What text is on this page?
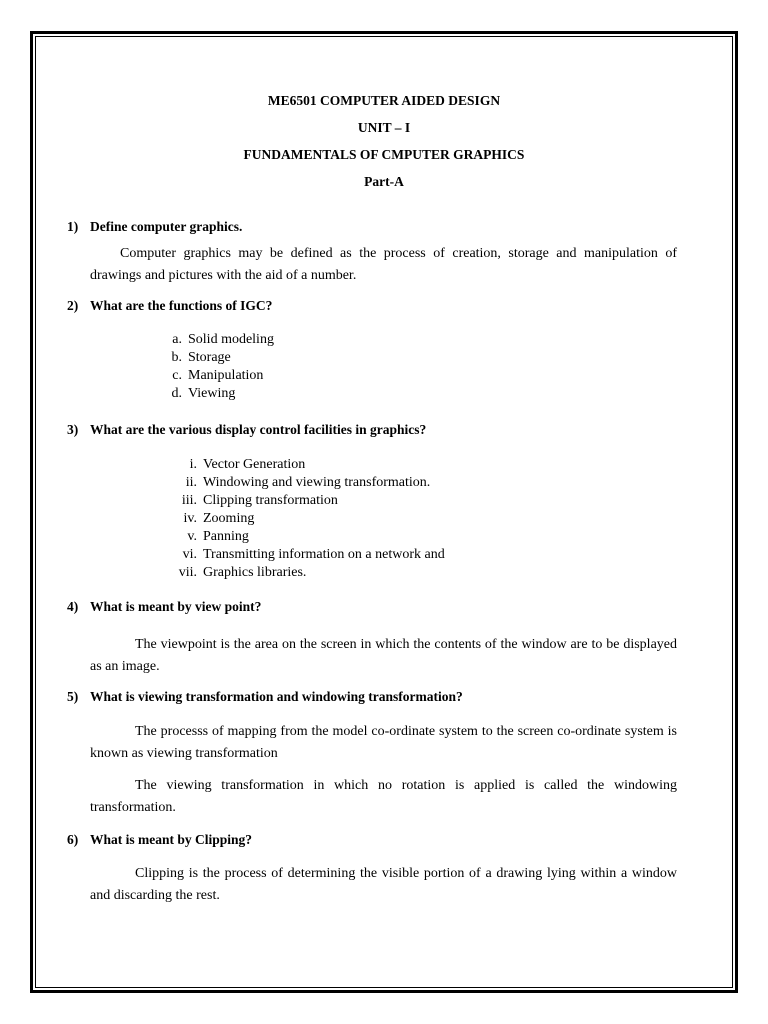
ME6501 COMPUTER AIDED DESIGN
UNIT – I
FUNDAMENTALS OF CMPUTER GRAPHICS
Part-A
1) Define computer graphics.
Computer graphics may be defined as the process of creation, storage and manipulation of drawings and pictures with the aid of a number.
2) What are the functions of IGC?
a. Solid modeling
b. Storage
c. Manipulation
d. Viewing
3) What are the various display control facilities in graphics?
i. Vector Generation
ii. Windowing and viewing transformation.
iii. Clipping transformation
iv. Zooming
v. Panning
vi. Transmitting information on a network and
vii. Graphics libraries.
4) What is meant by view point?
The viewpoint is the area on the screen in which the contents of the window are to be displayed as an image.
5) What is viewing transformation and windowing transformation?
The processs of mapping from the model co-ordinate system to the screen co-ordinate system is known as viewing transformation
The viewing transformation in which no rotation is applied is called the windowing transformation.
6) What is meant by Clipping?
Clipping is the process of determining the visible portion of a drawing lying within a window and discarding the rest.
